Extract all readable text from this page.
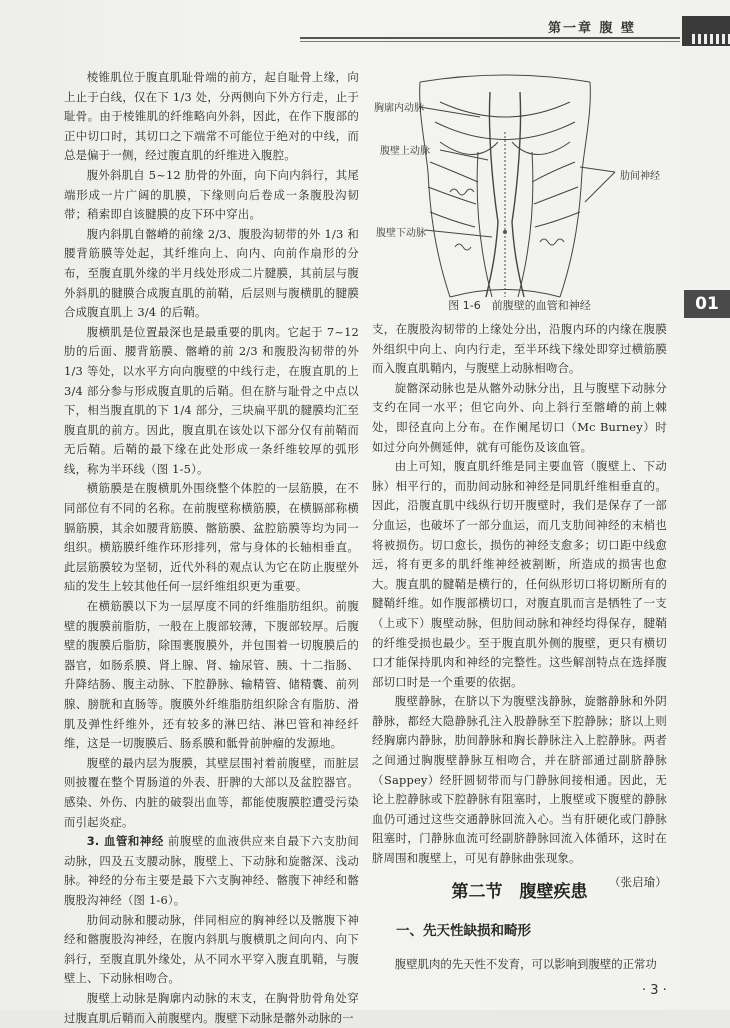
第一章 腹 壁
01

棱锥肌位于腹直肌耻骨端的前方，起自耻骨上缘，向上止于白线，仅在下 1/3 处，分两侧向下外方行走，止于耻骨。由于棱锥肌的纤维略向外斜，因此，在作下腹部的正中切口时，其切口之下端常不可能位于绝对的中线，而总是偏于一侧，经过腹直肌的纤维进入腹腔。

腹外斜肌自 5~12 肋骨的外面，向下向内斜行，其尾端形成一片广阔的肌膜，下缘则向后卷成一条腹股沟韧带；稍索即自该腱膜的皮下环中穿出。

腹内斜肌自髂嵴的前缘 2/3、腹股沟韧带的外 1/3 和腰背筋膜等处起，其纤维向上、向内、向前作扇形的分布，至腹直肌外缘的半月线处形成二片腱膜，其前层与腹外斜肌的腱膜合成腹直肌的前鞘，后层则与腹横肌的腱膜合成腹直肌上 3/4 的后鞘。

腹横肌是位置最深也是最重要的肌肉。它起于 7~12 肋的后面、腰背筋膜、髂嵴的前 2/3 和腹股沟韧带的外 1/3 等处，以水平方向向腹壁的中线行走，在腹直肌的上 3/4 部分参与形成腹直肌的后鞘。但在脐与耻骨之中点以下，相当腹直肌的下 1/4 部分，三块扁平肌的腱膜均汇至腹直肌的前方。因此，腹直肌在该处以下部分仅有前鞘而无后鞘。后鞘的最下缘在此处形成一条纤维较厚的弧形线，称为半环线（图 1-5）。

横筋膜是在腹横肌外围绕整个体腔的一层筋膜，在不同部位有不同的名称。在前腹壁称横筋膜，在横膈部称横膈筋膜，其余如腰背筋膜、髂筋膜、盆腔筋膜等均为同一组织。横筋膜纤维作环形排列，常与身体的长轴相垂直。此层筋膜较为坚韧，近代外科的观点认为它在防止腹壁外疝的发生上较其他任何一层纤维组织更为重要。

在横筋膜以下为一层厚度不同的纤维脂肪组织。前腹壁的腹膜前脂肪，一般在上腹部较薄，下腹部较厚。后腹壁的腹膜后脂肪，除围裹腹膜外，并包围着一切腹膜后的器官，如肠系膜、肾上腺、肾、输尿管、胰、十二指肠、升降结肠、腹主动脉、下腔静脉、输精管、储精囊、前列腺、膀胱和直肠等。腹膜外纤维脂肪组织除含有脂肪、滑肌及弹性纤维外，还有较多的淋巴结、淋巴管和神经纤维，这是一切腹膜后、肠系膜和骶骨前肿瘤的发源地。

腹壁的最内层为腹膜，其壁层围衬着前腹壁，而脏层则披覆在整个胃肠道的外表、肝脾的大部以及盆腔器官。感染、外伤、内脏的破裂出血等，都能使腹膜腔遭受污染而引起炎症。

3. 血管和神经 前腹壁的血液供应来自最下六支肋间动脉，四及五支腰动脉，腹壁上、下动脉和旋髂深、浅动脉。神经的分布主要是最下六支胸神经、髂腹下神经和髂腹股沟神经（图 1-6）。

肋间动脉和腰动脉，伴同相应的胸神经以及髂腹下神经和髂腹股沟神经，在腹内斜肌与腹横肌之间向内、向下斜行，至腹直肌外缘处，从不同水平穿入腹直肌鞘，与腹壁上、下动脉相吻合。

腹壁上动脉是胸廓内动脉的末支，在胸骨肋骨角处穿过腹直肌后鞘而入前腹壁内。腹壁下动脉是髂外动脉的一

胸廓内动脉
腹壁上动脉
肋间神经
腹壁下动脉
图 1-6　前腹壁的血管和神经

支，在腹股沟韧带的上缘处分出，沿腹内环的内缘在腹膜外组织中向上、向内行走，至半环线下缘处即穿过横筋膜而入腹直肌鞘内，与腹壁上动脉相吻合。

旋髂深动脉也是从髂外动脉分出，且与腹壁下动脉分支约在同一水平；但它向外、向上斜行至髂嵴的前上棘处，即径直向上分布。在作阑尾切口（Mc Burney）时如过分向外侧延伸，就有可能伤及该血管。

由上可知，腹直肌纤维是同主要血管（腹壁上、下动脉）相平行的，而肋间动脉和神经是同肌纤维相垂直的。因此，沿腹直肌中线纵行切开腹壁时，我们是保存了一部分血运，也破坏了一部分血运，而几支肋间神经的末梢也将被损伤。切口愈长，损伤的神经支愈多；切口距中线愈远，将有更多的肌纤维神经被割断，所造成的损害也愈大。腹直肌的腱鞘是横行的，任何纵形切口将切断所有的腱鞘纤维。如作腹部横切口，对腹直肌而言是牺牲了一支（上或下）腹壁动脉，但肋间动脉和神经均得保存，腱鞘的纤维受损也最少。至于腹直肌外侧的腹壁，更只有横切口才能保持肌肉和神经的完整性。这些解剖特点在选择腹部切口时是一个重要的依据。

腹壁静脉，在脐以下为腹壁浅静脉，旋髂静脉和外阴静脉，都经大隐静脉孔注入股静脉至下腔静脉；脐以上则经胸廓内静脉，肋间静脉和胸长静脉注入上腔静脉。两者之间通过胸腹壁静脉互相吻合，并在脐部通过副脐静脉（Sappey）经肝圆韧带而与门静脉间接相通。因此，无论上腔静脉或下腔静脉有阻塞时，上腹壁或下腹壁的静脉血仍可通过这些交通静脉回流入心。当有肝硬化或门静脉阻塞时，门静脉血流可经副脐静脉回流入体循环，这时在脐周围和腹壁上，可见有静脉曲张现象。

（张启瑜）

第二节　腹壁疾患
一、先天性缺损和畸形
腹壁肌肉的先天性不发育，可以影响到腹壁的正常功
· 3 ·
